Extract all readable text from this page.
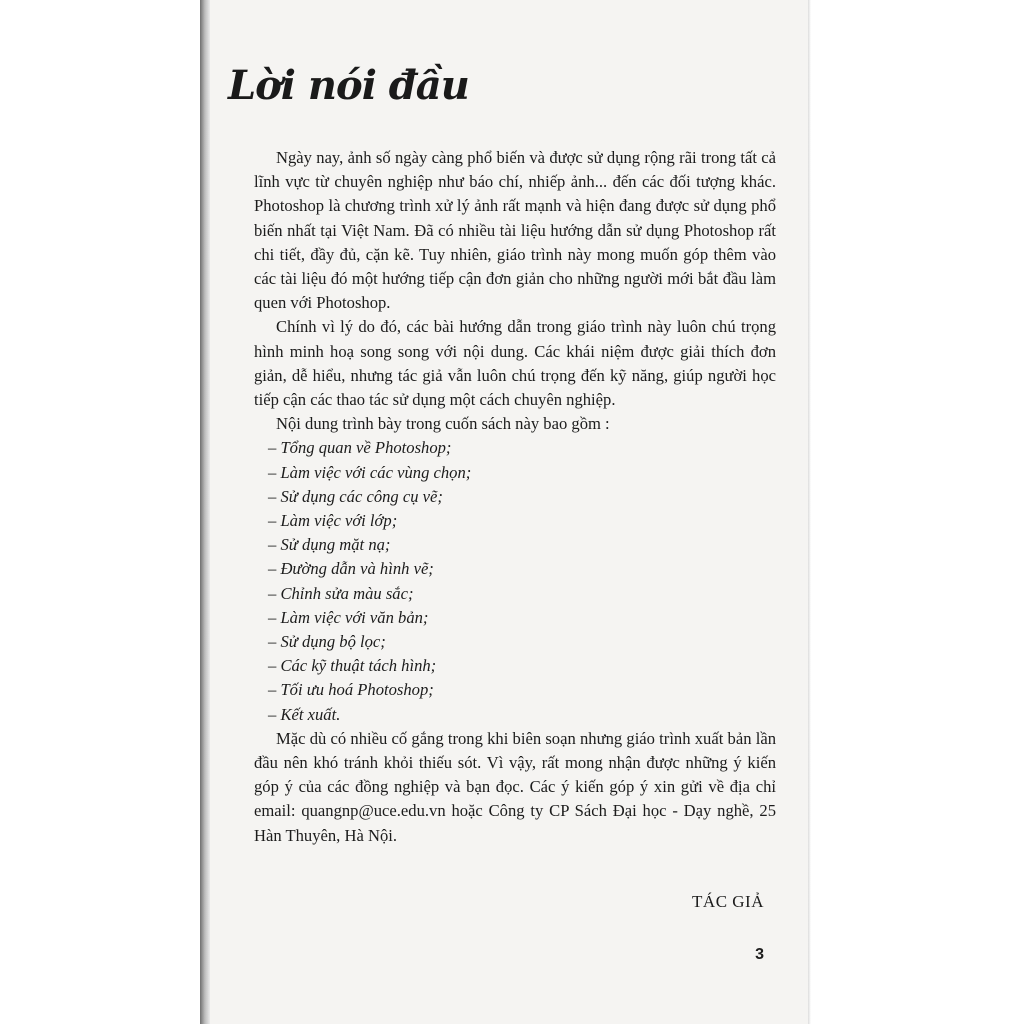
Lời nói đầu

Ngày nay, ảnh số ngày càng phổ biến và được sử dụng rộng rãi trong tất cả lĩnh vực từ chuyên nghiệp như báo chí, nhiếp ảnh... đến các đối tượng khác. Photoshop là chương trình xử lý ảnh rất mạnh và hiện đang được sử dụng phổ biến nhất tại Việt Nam. Đã có nhiều tài liệu hướng dẫn sử dụng Photoshop rất chi tiết, đầy đủ, cặn kẽ. Tuy nhiên, giáo trình này mong muốn góp thêm vào các tài liệu đó một hướng tiếp cận đơn giản cho những người mới bắt đầu làm quen với Photoshop.

Chính vì lý do đó, các bài hướng dẫn trong giáo trình này luôn chú trọng hình minh hoạ song song với nội dung. Các khái niệm được giải thích đơn giản, dễ hiểu, nhưng tác giả vẫn luôn chú trọng đến kỹ năng, giúp người học tiếp cận các thao tác sử dụng một cách chuyên nghiệp.

Nội dung trình bày trong cuốn sách này bao gồm :

– Tổng quan về Photoshop;
– Làm việc với các vùng chọn;
– Sử dụng các công cụ vẽ;
– Làm việc với lớp;
– Sử dụng mặt nạ;
– Đường dẫn và hình vẽ;
– Chỉnh sửa màu sắc;
– Làm việc với văn bản;
– Sử dụng bộ lọc;
– Các kỹ thuật tách hình;
– Tối ưu hoá Photoshop;
– Kết xuất.

Mặc dù có nhiều cố gắng trong khi biên soạn nhưng giáo trình xuất bản lần đầu nên khó tránh khỏi thiếu sót. Vì vậy, rất mong nhận được những ý kiến góp ý của các đồng nghiệp và bạn đọc. Các ý kiến góp ý xin gửi về địa chỉ email: quangnp@uce.edu.vn hoặc Công ty CP Sách Đại học - Dạy nghề, 25 Hàn Thuyên, Hà Nội.

TÁC GIẢ
3
